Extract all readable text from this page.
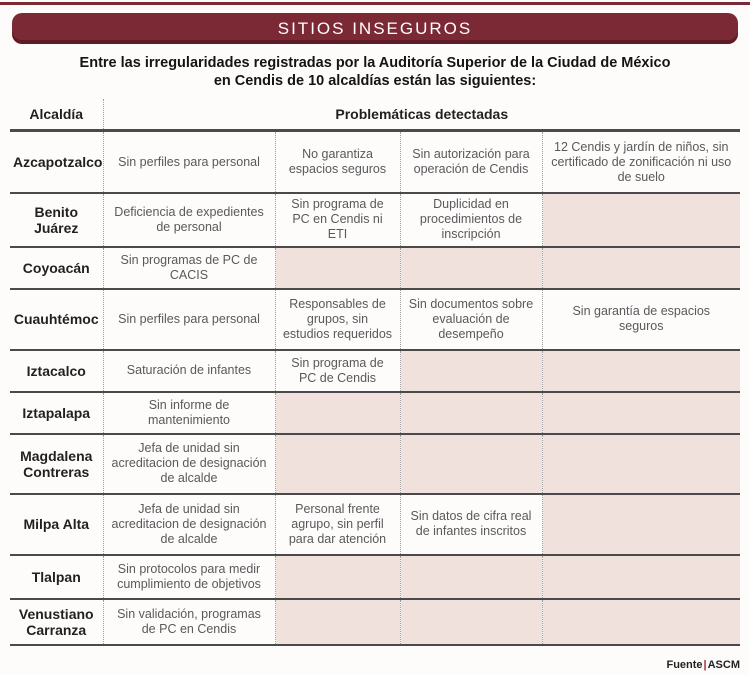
SITIOS INSEGUROS
Entre las irregularidades registradas por la Auditoría Superior de la Ciudad de México
en Cendis de 10 alcaldías están las siguientes:
Alcaldía	Problemáticas detectadas			
Azcapotzalco	Sin perfiles para personal	No garantiza espacios seguros	Sin autorización para operación de Cendis	12 Cendis y jardín de niños, sin certificado de zonificación ni uso de suelo
Benito Juárez	Deficiencia de expedientes de personal	Sin programa de PC en Cendis ni ETI	Duplicidad en procedimientos de inscripción	
Coyoacán	Sin programas de PC de CACIS			
Cuauhtémoc	Sin perfiles para personal	Responsables de grupos, sin estudios requeridos	Sin documentos sobre evaluación de desempeño	Sin garantía de espacios seguros
Iztacalco	Saturación de infantes	Sin programa de PC de Cendis		
Iztapalapa	Sin informe de mantenimiento			
Magdalena Contreras	Jefa de unidad sin acreditacion de designación de alcalde			
Milpa Alta	Jefa de unidad sin acreditacion de designación de alcalde	Personal frente agrupo, sin perfil para dar atención	Sin datos de cifra real de infantes inscritos	
Tlalpan	Sin protocolos para medir cumplimiento de objetivos			
Venustiano Carranza	Sin validación, programas de PC en Cendis			
Fuente|ASCM
